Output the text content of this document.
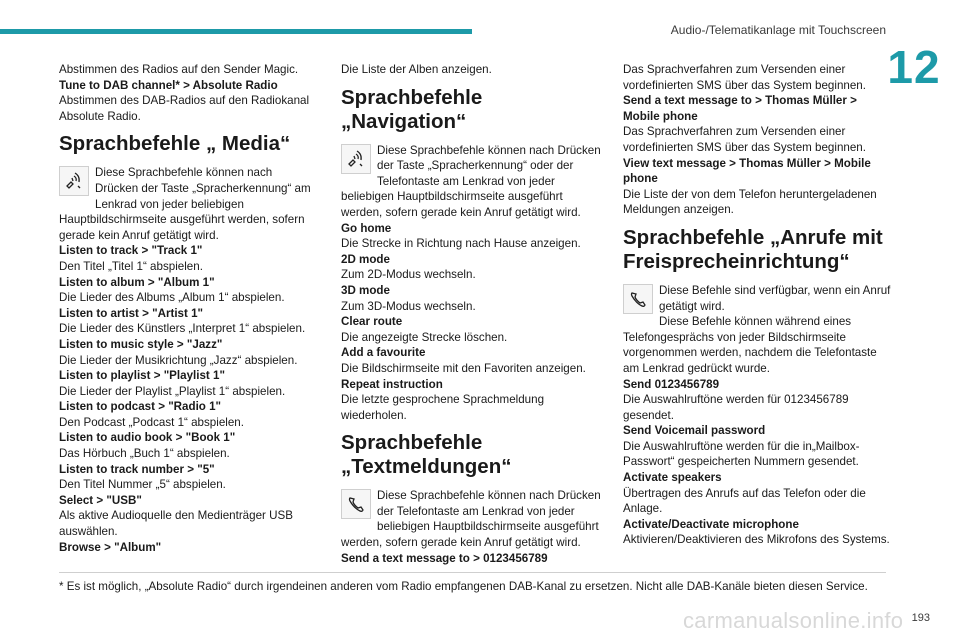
Audio-/Telematikanlage mit Touchscreen
12

Abstimmen des Radios auf den Sender Magic.

Tune to DAB channel* > Absolute Radio

Abstimmen des DAB-Radios auf den Radiokanal Absolute Radio.

Sprachbefehle „ Media“
Diese Sprachbefehle können nach Drücken der Taste „Spracherkennung“ am Lenkrad von jeder beliebigen Hauptbildschirmseite ausgeführt werden, sofern gerade kein Anruf getätigt wird.

Listen to track > "Track 1"

Den Titel „Titel 1“ abspielen.

Listen to album > "Album 1"

Die Lieder des Albums „Album 1“ abspielen.

Listen to artist > "Artist 1"

Die Lieder des Künstlers „Interpret 1“ abspielen.

Listen to music style > "Jazz"

Die Lieder der Musikrichtung „Jazz“ abspielen.

Listen to playlist > "Playlist 1"

Die Lieder der Playlist „Playlist 1“ abspielen.

Listen to podcast > "Radio 1"

Den Podcast „Podcast 1“ abspielen.

Listen to audio book > "Book 1"

Das Hörbuch „Buch 1“ abspielen.

Listen to track number > "5"

Den Titel Nummer „5“ abspielen.

Select > "USB"

Als aktive Audioquelle den Medienträger USB auswählen.

Browse > "Album"

Die Liste der Alben anzeigen.

Sprachbefehle „Navigation“
Diese Sprachbefehle können nach Drücken der Taste „Spracherkennung“ oder der Telefontaste am Lenkrad von jeder beliebigen Hauptbildschirmseite ausgeführt werden, sofern gerade kein Anruf getätigt wird.

Go home

Die Strecke in Richtung nach Hause anzeigen.

2D mode

Zum 2D-Modus wechseln.

3D mode

Zum 3D-Modus wechseln.

Clear route

Die angezeigte Strecke löschen.

Add a favourite

Die Bildschirmseite mit den Favoriten anzeigen.

Repeat instruction

Die letzte gesprochene Sprachmeldung wiederholen.

Sprachbefehle „Textmeldungen“
Diese Sprachbefehle können nach Drücken der Telefontaste am Lenkrad von jeder beliebigen Hauptbildschirmseite ausgeführt werden, sofern gerade kein Anruf getätigt wird.

Send a text message to > 0123456789

Das Sprachverfahren zum Versenden einer vordefinierten SMS über das System beginnen.

Send a text message to > Thomas Müller > Mobile phone

Das Sprachverfahren zum Versenden einer vordefinierten SMS über das System beginnen.

View text message > Thomas Müller > Mobile phone

Die Liste der von dem Telefon heruntergeladenen Meldungen anzeigen.

Sprachbefehle „Anrufe mit Freisprecheinrichtung“
Diese Befehle sind verfügbar, wenn ein Anruf getätigt wird.

Diese Befehle können während eines Telefongesprächs von jeder Bildschirmseite vorgenommen werden, nachdem die Telefontaste am Lenkrad gedrückt wurde.

Send 0123456789

Die Auswahlruftöne werden für 0123456789 gesendet.

Send Voicemail password

Die Auswahlruftöne werden für die in„Mailbox-Passwort“ gespeicherten Nummern gesendet.

Activate speakers

Übertragen des Anrufs auf das Telefon oder die Anlage.

Activate/Deactivate microphone

Aktivieren/Deaktivieren des Mikrofons des Systems.

* Es ist möglich, „Absolute Radio“ durch irgendeinen anderen vom Radio empfangenen DAB-Kanal zu ersetzen. Nicht alle DAB-Kanäle bieten diesen Service.
carmanualsonline.info 193
